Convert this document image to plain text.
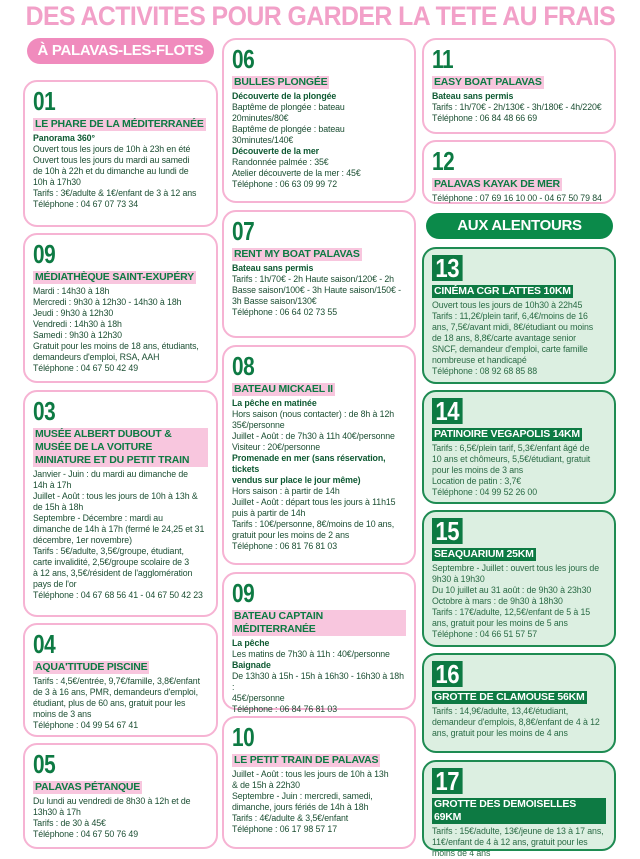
DES ACTIVITES POUR GARDER LA TETE AU FRAIS
À PALAVAS-LES-FLOTS
AUX ALENTOURS
01
LE PHARE DE LA MÉDITERRANÉE
Panorama 360°
Ouvert tous les jours de 10h à 23h en été
Ouvert tous les jours du mardi au samedi
de 10h à 22h et du dimanche au lundi de
10h à 17h30
Tarifs : 3€/adulte & 1€/enfant de 3 à 12 ans
Téléphone : 04 67 07 73 34
09
MÉDIATHÈQUE SAINT-EXUPÉRY
Mardi : 14h30 à 18h
Mercredi : 9h30 à 12h30 - 14h30 à 18h
Jeudi : 9h30 à 12h30
Vendredi : 14h30 à 18h
Samedi : 9h30 à 12h30
Gratuit pour les moins de 18 ans, étudiants,
demandeurs d'emploi, RSA, AAH
Téléphone : 04 67 50 42 49
03
MUSÉE ALBERT DUBOUT & MUSÉE DE LA VOITURE MINIATURE ET DU PETIT TRAIN
Janvier - Juin : du mardi au dimanche de
14h à 17h
Juillet - Août : tous les jours de 10h à 13h &
de 15h à 18h
Septembre - Décembre : mardi au
dimanche de 14h à 17h (fermé le 24,25 et 31
décembre, 1er novembre)
Tarifs : 5€/adulte, 3,5€/groupe, étudiant,
carte invalidité, 2,5€/groupe scolaire de 3
à 12 ans, 3,5€/résident de l'agglomération
pays de l'or
Téléphone : 04 67 68 56 41 - 04 67 50 42 23
04
AQUA'TITUDE PISCINE
Tarifs : 4,5€/entrée, 9,7€/famille, 3,8€/enfant
de 3 à 16 ans, PMR, demandeurs d'emploi,
étudiant, plus de 60 ans, gratuit pour les
moins de 3 ans
Téléphone : 04 99 54 67 41
05
PALAVAS PÉTANQUE
Du lundi au vendredi de 8h30 à 12h et de
13h30 à 17h
Tarifs : de 30 à 45€
Téléphone : 04 67 50 76 49
06
BULLES PLONGÉE
Découverte de la plongée
Baptême de plongée : bateau
20minutes/80€
Baptême de plongée : bateau
30minutes/140€
Découverte de la mer
Randonnée palmée : 35€
Atelier découverte de la mer : 45€
Téléphone : 06 63 09 99 72
07
RENT MY BOAT PALAVAS
Bateau sans permis
Tarifs : 1h/70€ - 2h Haute saison/120€ - 2h
Basse saison/100€ - 3h Haute saison/150€ -
3h Basse saison/130€
Téléphone : 06 64 02 73 55
08
BATEAU MICKAEL II
La pêche en matinée
Hors saison (nous contacter) : de 8h à 12h
35€/personne
Juillet - Août : de 7h30 à 11h 40€/personne
Visiteur : 20€/personne
Promenade en mer (sans réservation, tickets
vendus sur place le jour même)
Hors saison : à partir de 14h
Juillet - Août : départ tous les jours à 11h15
puis à partir de 14h
Tarifs : 10€/personne, 8€/moins de 10 ans,
gratuit pour les moins de 2 ans
Téléphone : 06 81 76 81 03
09
BATEAU CAPTAIN MÉDITERRANÉE
La pêche
Les matins de 7h30 à 11h : 40€/personne
Baignade
De 13h30 à 15h - 15h à 16h30 - 16h30 à 18h :
45€/personne
Téléphone : 06 84 76 81 03
10
LE PETIT TRAIN DE PALAVAS
Juillet - Août : tous les jours de 10h à 13h
& de 15h à 22h30
Septembre - Juin : mercredi, samedi,
dimanche, jours fériés de 14h à 18h
Tarifs : 4€/adulte & 3,5€/enfant
Téléphone : 06 17 98 57 17
11
EASY BOAT PALAVAS
Bateau sans permis
Tarifs : 1h/70€ - 2h/130€ - 3h/180€ - 4h/220€
Téléphone : 06 84 48 66 69
12
PALAVAS KAYAK DE MER
Téléphone : 07 69 16 10 00 - 04 67 50 79 84
13
CINÉMA CGR LATTES 10KM
Ouvert tous les jours de 10h30 à 22h45
Tarifs : 11,2€/plein tarif, 6,4€/moins de 16
ans, 7,5€/avant midi, 8€/étudiant ou moins
de 18 ans, 8,8€/carte avantage senior
SNCF, demandeur d'emploi, carte famille
nombreuse et handicapé
Téléphone : 08 92 68 85 88
14
PATINOIRE VEGAPOLIS 14KM
Tarifs : 6,5€/plein tarif, 5,3€/enfant âgé de
10 ans et chômeurs, 5,5€/étudiant, gratuit
pour les moins de 3 ans
Location de patin : 3,7€
Téléphone : 04 99 52 26 00
15
SEAQUARIUM 25KM
Septembre - Juillet : ouvert tous les jours de
9h30 à 19h30
Du 10 juillet au 31 août : de 9h30 à 23h30
Octobre à mars : de 9h30 à 18h30
Tarifs : 17€/adulte, 12,5€/enfant de 5 à 15
ans, gratuit pour les moins de 5 ans
Téléphone : 04 66 51 57 57
16
GROTTE DE CLAMOUSE 56KM
Tarifs : 14,9€/adulte, 13,4€/étudiant,
demandeur d'emplois, 8,8€/enfant de 4 à 12
ans, gratuit pour les moins de 4 ans
17
GROTTE DES DEMOISELLES 69KM
Tarifs : 15€/adulte, 13€/jeune de 13 à 17 ans,
11€/enfant de 4 à 12 ans, gratuit pour les
moins de 4 ans
